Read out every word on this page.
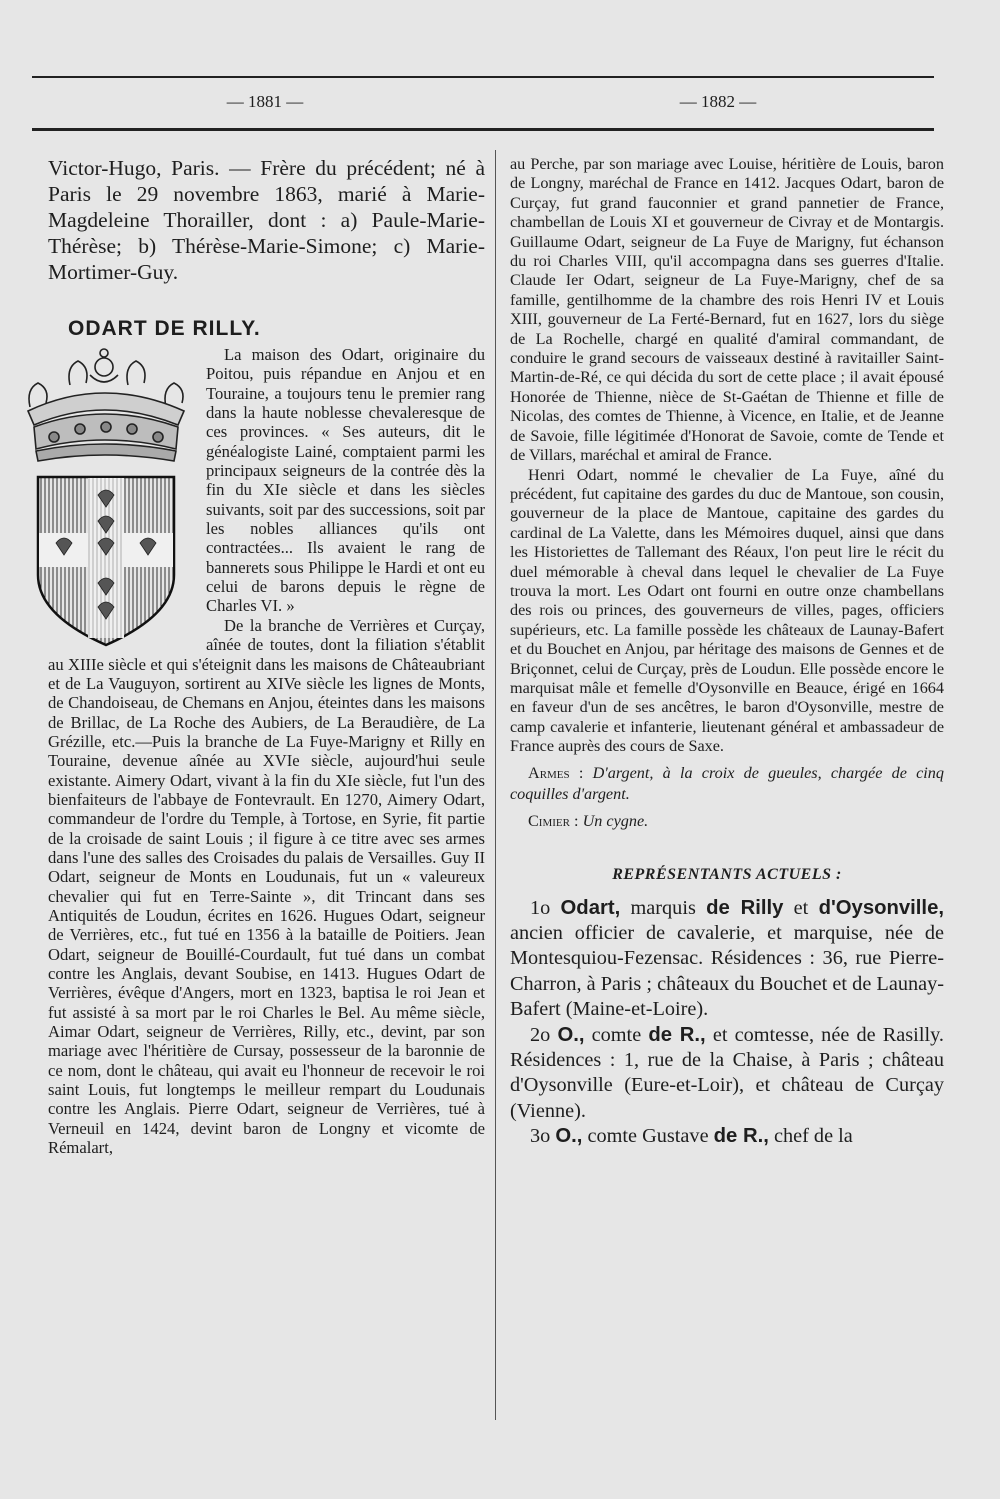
— 1881 —	— 1882 —

Victor-Hugo, Paris. — Frère du précédent; né à Paris le 29 novembre 1863, marié à Marie-Magdeleine Thorailler, dont : a) Paule-Marie-Thérèse; b) Thérèse-Marie-Simone; c) Marie-Mortimer-Guy.

ODART DE RILLY.

La maison des Odart, originaire du Poitou, puis répandue en Anjou et en Touraine, a toujours tenu le premier rang dans la haute noblesse chevaleresque de ces provinces. « Ses auteurs, dit le généalogiste Lainé, comptaient parmi les principaux seigneurs de la contrée dès la fin du XIe siècle et dans les siècles suivants, soit par des successions, soit par les nobles alliances qu'ils ont contractées... Ils avaient le rang de bannerets sous Philippe le Hardi et ont eu celui de barons depuis le règne de Charles VI. »

De la branche de Verrières et Curçay, aînée de toutes, dont la filiation s'établit au XIIIe siècle et qui s'éteignit dans les maisons de Châteaubriant et de La Vauguyon, sortirent au XIVe siècle les lignes de Monts, de Chandoiseau, de Chemans en Anjou, éteintes dans les maisons de Brillac, de La Roche des Aubiers, de La Beraudière, de La Grézille, etc.—Puis la branche de La Fuye-Marigny et Rilly en Touraine, devenue aînée au XVIe siècle, aujourd'hui seule existante. Aimery Odart, vivant à la fin du XIe siècle, fut l'un des bienfaiteurs de l'abbaye de Fontevrault. En 1270, Aimery Odart, commandeur de l'ordre du Temple, à Tortose, en Syrie, fit partie de la croisade de saint Louis ; il figure à ce titre avec ses armes dans l'une des salles des Croisades du palais de Versailles. Guy II Odart, seigneur de Monts en Loudunais, fut un « valeureux chevalier qui fut en Terre-Sainte », dit Trincant dans ses Antiquités de Loudun, écrites en 1626. Hugues Odart, seigneur de Verrières, etc., fut tué en 1356 à la bataille de Poitiers. Jean Odart, seigneur de Bouillé-Courdault, fut tué dans un combat contre les Anglais, devant Soubise, en 1413. Hugues Odart de Verrières, évêque d'Angers, mort en 1323, baptisa le roi Jean et fut assisté à sa mort par le roi Charles le Bel. Au même siècle, Aimar Odart, seigneur de Verrières, Rilly, etc., devint, par son mariage avec l'héritière de Cursay, possesseur de la baronnie de ce nom, dont le château, qui avait eu l'honneur de recevoir le roi saint Louis, fut longtemps le meilleur rempart du Loudunais contre les Anglais. Pierre Odart, seigneur de Verrières, tué à Verneuil en 1424, devint baron de Longny et vicomte de Rémalart,

au Perche, par son mariage avec Louise, héritière de Louis, baron de Longny, maréchal de France en 1412. Jacques Odart, baron de Curçay, fut grand fauconnier et grand pannetier de France, chambellan de Louis XI et gouverneur de Civray et de Montargis. Guillaume Odart, seigneur de La Fuye de Marigny, fut échanson du roi Charles VIII, qu'il accompagna dans ses guerres d'Italie. Claude Ier Odart, seigneur de La Fuye-Marigny, chef de sa famille, gentilhomme de la chambre des rois Henri IV et Louis XIII, gouverneur de La Ferté-Bernard, fut en 1627, lors du siège de La Rochelle, chargé en qualité d'amiral commandant, de conduire le grand secours de vaisseaux destiné à ravitailler Saint-Martin-de-Ré, ce qui décida du sort de cette place ; il avait épousé Honorée de Thienne, nièce de St-Gaétan de Thienne et fille de Nicolas, des comtes de Thienne, à Vicence, en Italie, et de Jeanne de Savoie, fille légitimée d'Honorat de Savoie, comte de Tende et de Villars, maréchal et amiral de France.

Henri Odart, nommé le chevalier de La Fuye, aîné du précédent, fut capitaine des gardes du duc de Mantoue, son cousin, gouverneur de la place de Mantoue, capitaine des gardes du cardinal de La Valette, dans les Mémoires duquel, ainsi que dans les Historiettes de Tallemant des Réaux, l'on peut lire le récit du duel mémorable à cheval dans lequel le chevalier de La Fuye trouva la mort. Les Odart ont fourni en outre onze chambellans des rois ou princes, des gouverneurs de villes, pages, officiers supérieurs, etc. La famille possède les châteaux de Launay-Bafert et du Bouchet en Anjou, par héritage des maisons de Gennes et de Briçonnet, celui de Curçay, près de Loudun. Elle possède encore le marquisat mâle et femelle d'Oysonville en Beauce, érigé en 1664 en faveur d'un de ses ancêtres, le baron d'Oysonville, mestre de camp cavalerie et infanterie, lieutenant général et ambassadeur de France auprès des cours de Saxe.

Armes : D'argent, à la croix de gueules, chargée de cinq coquilles d'argent.

Cimier : Un cygne.

REPRÉSENTANTS ACTUELS :

1o Odart, marquis de Rilly et d'Oysonville, ancien officier de cavalerie, et marquise, née de Montesquiou-Fezensac. Résidences : 36, rue Pierre-Charron, à Paris ; châteaux du Bouchet et de Launay-Bafert (Maine-et-Loire).

2o O., comte de R., et comtesse, née de Rasilly. Résidences : 1, rue de la Chaise, à Paris ; château d'Oysonville (Eure-et-Loir), et château de Curçay (Vienne).

3o O., comte Gustave de R., chef de la
